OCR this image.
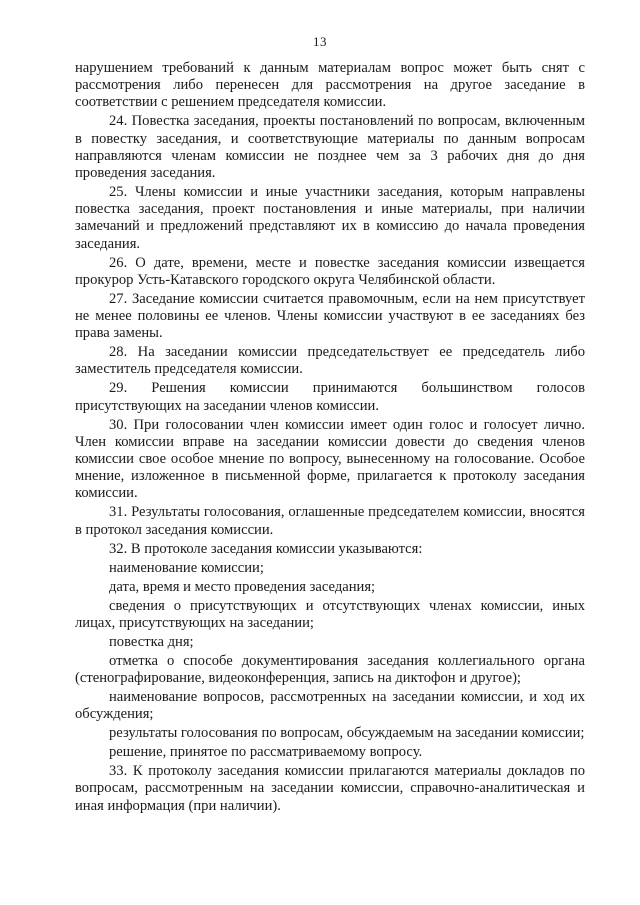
13

нарушением требований к данным материалам вопрос может быть снят с рассмотрения либо перенесен для рассмотрения на другое заседание в соответствии с решением председателя комиссии.

24. Повестка заседания, проекты постановлений по вопросам, включенным в повестку заседания, и соответствующие материалы по данным вопросам направляются членам комиссии не позднее чем за 3 рабочих дня до дня проведения заседания.

25. Члены комиссии и иные участники заседания, которым направлены повестка заседания, проект постановления и иные материалы, при наличии замечаний и предложений представляют их в комиссию до начала проведения заседания.

26. О дате, времени, месте и повестке заседания комиссии извещается прокурор Усть-Катавского городского округа Челябинской области.

27. Заседание комиссии считается правомочным, если на нем присутствует не менее половины ее членов. Члены комиссии участвуют в ее заседаниях без права замены.

28. На заседании комиссии председательствует ее председатель либо заместитель председателя комиссии.

29. Решения комиссии принимаются большинством голосов присутствующих на заседании членов комиссии.

30. При голосовании член комиссии имеет один голос и голосует лично. Член комиссии вправе на заседании комиссии довести до сведения членов комиссии свое особое мнение по вопросу, вынесенному на голосование. Особое мнение, изложенное в письменной форме, прилагается к протоколу заседания комиссии.

31. Результаты голосования, оглашенные председателем комиссии, вносятся в протокол заседания комиссии.

32. В протоколе заседания комиссии указываются:

наименование комиссии;

дата, время и место проведения заседания;

сведения о присутствующих и отсутствующих членах комиссии, иных лицах, присутствующих на заседании;

повестка дня;

отметка о способе документирования заседания коллегиального органа (стенографирование, видеоконференция, запись на диктофон и другое);

наименование вопросов, рассмотренных на заседании комиссии, и ход их обсуждения;

результаты голосования по вопросам, обсуждаемым на заседании комиссии;

решение, принятое по рассматриваемому вопросу.

33. К протоколу заседания комиссии прилагаются материалы докладов по вопросам, рассмотренным на заседании комиссии, справочно-аналитическая и иная информация (при наличии).
